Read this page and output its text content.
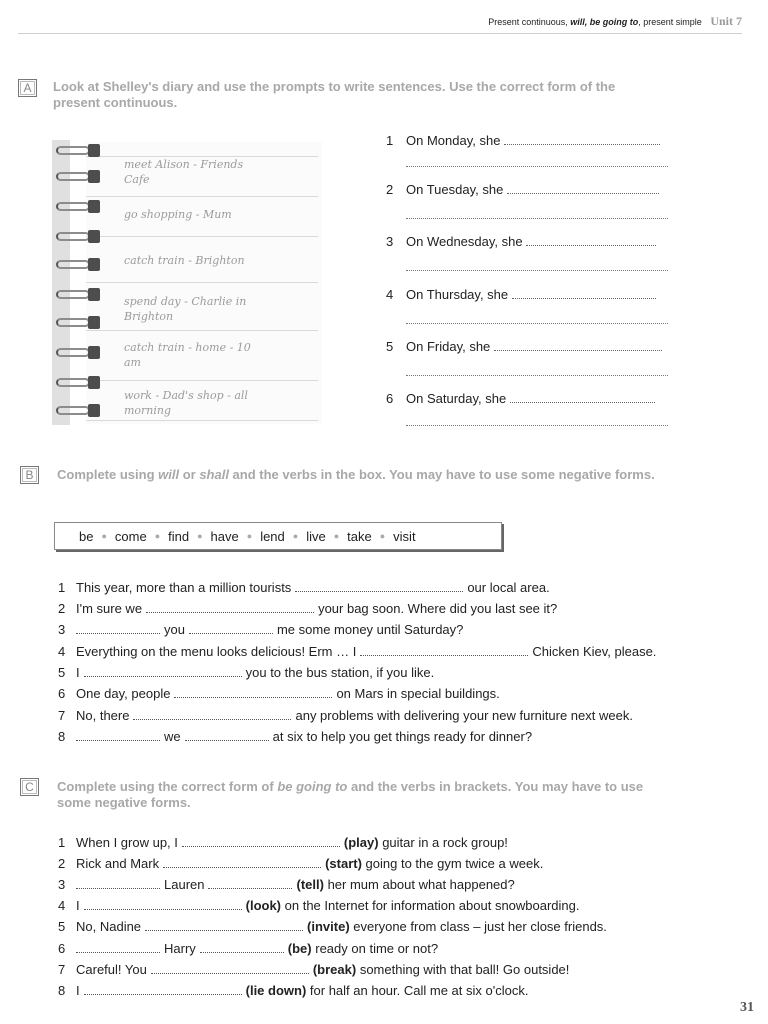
Present continuous, will, be going to, present simple Unit 7
A	Look at Shelley's diary and use the prompts to write sentences. Use the correct form of the present continuous.
meet Alison - Friends Cafe
go shopping - Mum
catch train - Brighton
spend day - Charlie in Brighton
catch train - home - 10 am
work - Dad's shop - all morning
1 On Monday, she
2 On Tuesday, she
3 On Wednesday, she
4 On Thursday, she
5 On Friday, she
6 On Saturday, she
B	Complete using will or shall and the verbs in the box. You may have to use some negative forms.
be ● come ● find ● have ● lend ● live ● take ● visit
1 This year, more than a million tourists	our local area.
2 I'm sure we	your bag soon. Where did you last see it?
3	you	me some money until Saturday?
4 Everything on the menu looks delicious! Erm … I	Chicken Kiev, please.
5 I	you to the bus station, if you like.
6 One day, people	on Mars in special buildings.
7 No, there	any problems with delivering your new furniture next week.
8	we	at six to help you get things ready for dinner?
C	Complete using the correct form of be going to and the verbs in brackets. You may have to use some negative forms.
1 When I grow up, I	(play) guitar in a rock group!
2 Rick and Mark	(start) going to the gym twice a week.
3	Lauren	(tell) her mum about what happened?
4 I	(look) on the Internet for information about snowboarding.
5 No, Nadine	(invite) everyone from class – just her close friends.
6	Harry	(be) ready on time or not?
7 Careful! You	(break) something with that ball! Go outside!
8 I	(lie down) for half an hour. Call me at six o'clock.
31
